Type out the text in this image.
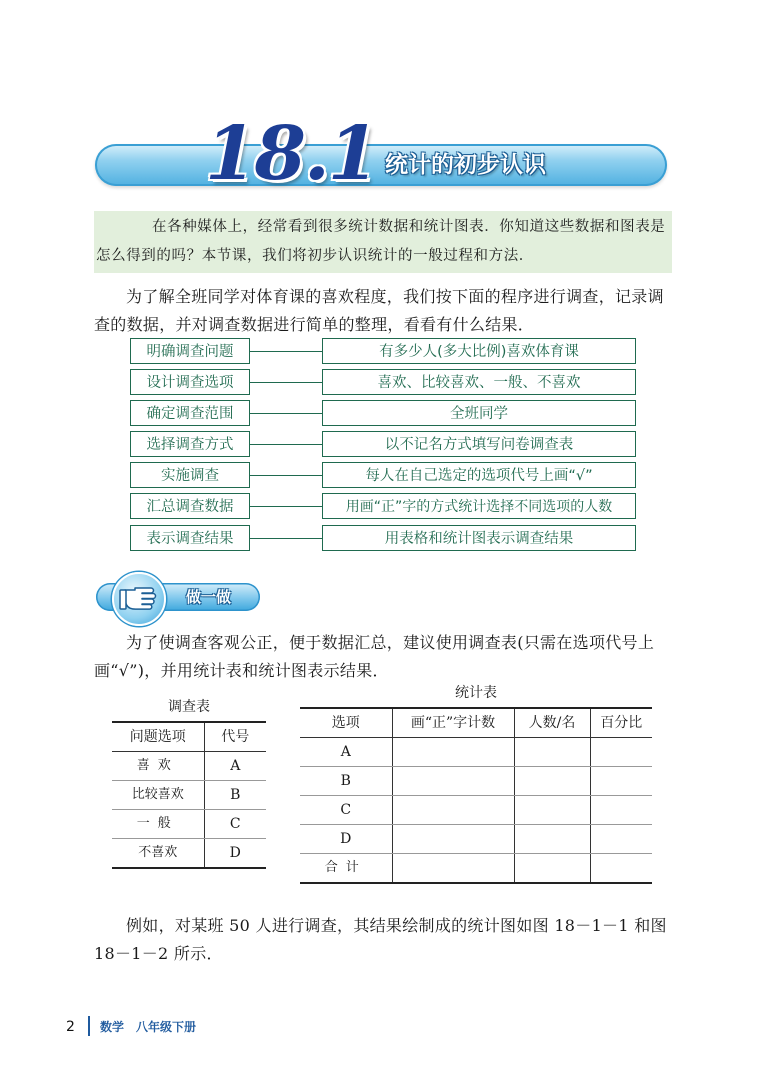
18.1 统计的初步认识
在各种媒体上，经常看到很多统计数据和统计图表．你知道这些数据和图表是怎么得到的吗？本节课，我们将初步认识统计的一般过程和方法．
为了解全班同学对体育课的喜欢程度，我们按下面的程序进行调查，记录调查的数据，并对调查数据进行简单的整理，看看有什么结果．
明确调查问题	有多少人(多大比例)喜欢体育课
设计调查选项	喜欢、比较喜欢、一般、不喜欢
确定调查范围	全班同学
选择调查方式	以不记名方式填写问卷调查表
实施调查	每人在自己选定的选项代号上画“√”
汇总调查数据	用画“正”字的方式统计选择不同选项的人数
表示调查结果	用表格和统计图表示调查结果
做一做
为了使调查客观公正，便于数据汇总，建议使用调查表(只需在选项代号上画“√”)，并用统计表和统计图表示结果．
调查表
问题选项	代号
喜欢	A
比较喜欢	B
一般	C
不喜欢	D
统计表
选项	画“正”字计数	人数/名	百分比
A			
B			
C			
D			
合计			
例如，对某班 50 人进行调查，其结果绘制成的统计图如图 18－1－1 和图 18－1－2 所示．
2 数学　八年级下册
